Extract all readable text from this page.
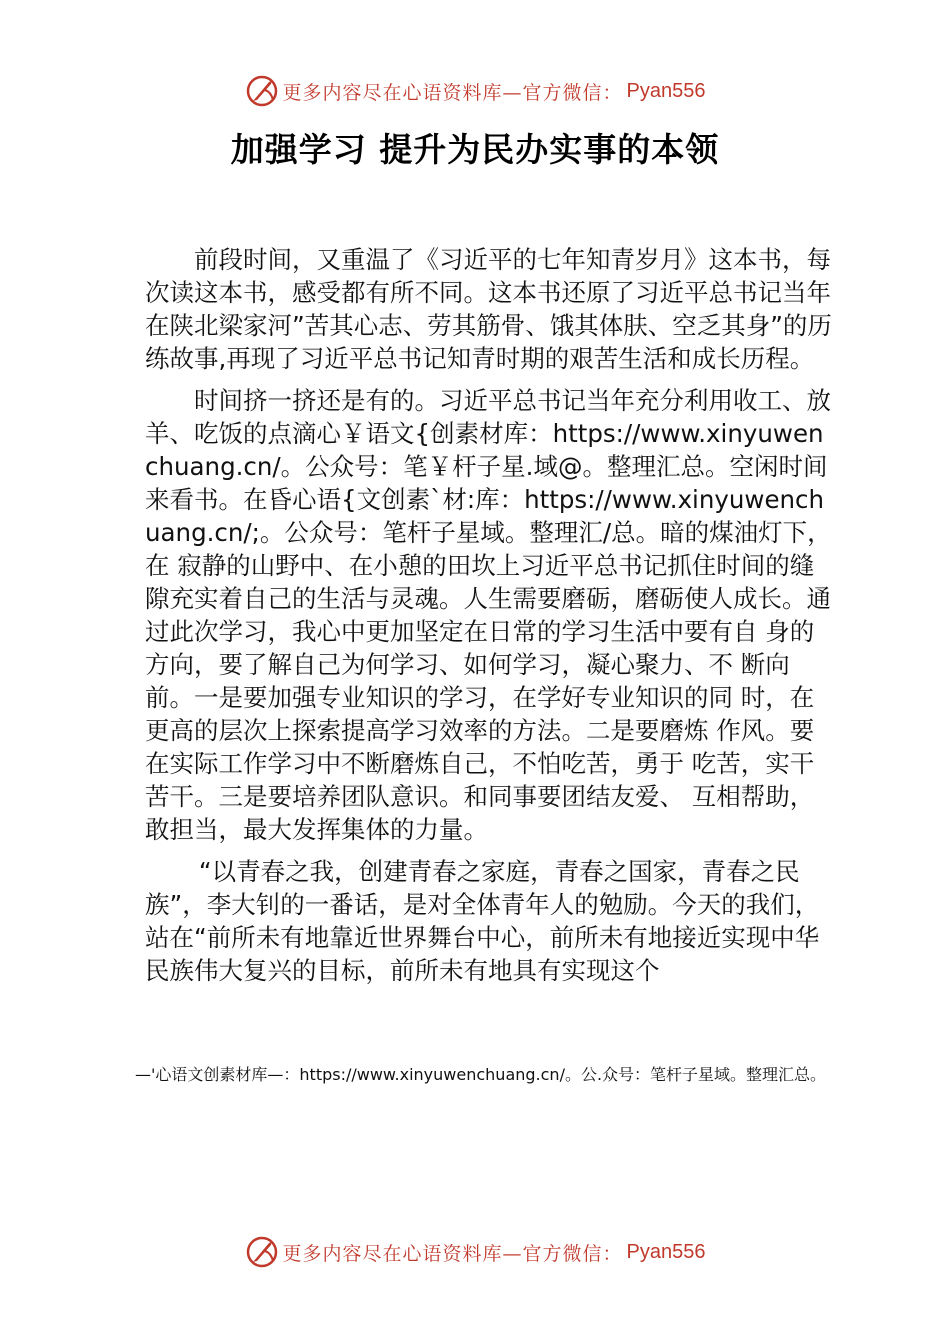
更多内容尽在心语资料库—官方微信： Pyan556
加强学习 提升为民办实事的本领

前段时间，又重温了《习近平的七年知青岁月》这本书，每次读这本书，感受都有所不同。这本书还原了习近平总书记当年在陕北梁家河”苦其心志、劳其筋骨、饿其体肤、空乏其身”的历练故事,再现了习近平总书记知青时期的艰苦生活和成长历程。

时间挤一挤还是有的。习近平总书记当年充分利用收工、放羊、吃饭的点滴心￥语文{创素材库：https://www.xinyuwenchuang.cn/。公众号：笔￥杆子星.域@。整理汇总。空闲时间来看书。在昏心语{文创素`材:库：https://www.xinyuwenchuang.cn/;。公众号：笔杆子星域。整理汇/总。暗的煤油灯下，在 寂静的山野中、在小憩的田坎上习近平总书记抓住时间的缝 隙充实着自己的生活与灵魂。人生需要磨砺，磨砺使人成长。通过此次学习，我心中更加坚定在日常的学习生活中要有自 身的方向，要了解自己为何学习、如何学习，凝心聚力、不 断向前。一是要加强专业知识的学习，在学好专业知识的同 时，在更高的层次上探索提高学习效率的方法。二是要磨炼 作风。要在实际工作学习中不断磨炼自己，不怕吃苦，勇于 吃苦，实干苦干。三是要培养团队意识。和同事要团结友爱、 互相帮助，敢担当，最大发挥集体的力量。

“以青春之我，创建青春之家庭，青春之国家，青春之民族”，李大钊的一番话，是对全体青年人的勉励。今天的我们，站在“前所未有地靠近世界舞台中心，前所未有地接近实现中华民族伟大复兴的目标，前所未有地具有实现这个

—'心语文创素材库—：https://www.xinyuwenchuang.cn/。公.众号：笔杆子星域。整理汇总。
更多内容尽在心语资料库—官方微信： Pyan556
